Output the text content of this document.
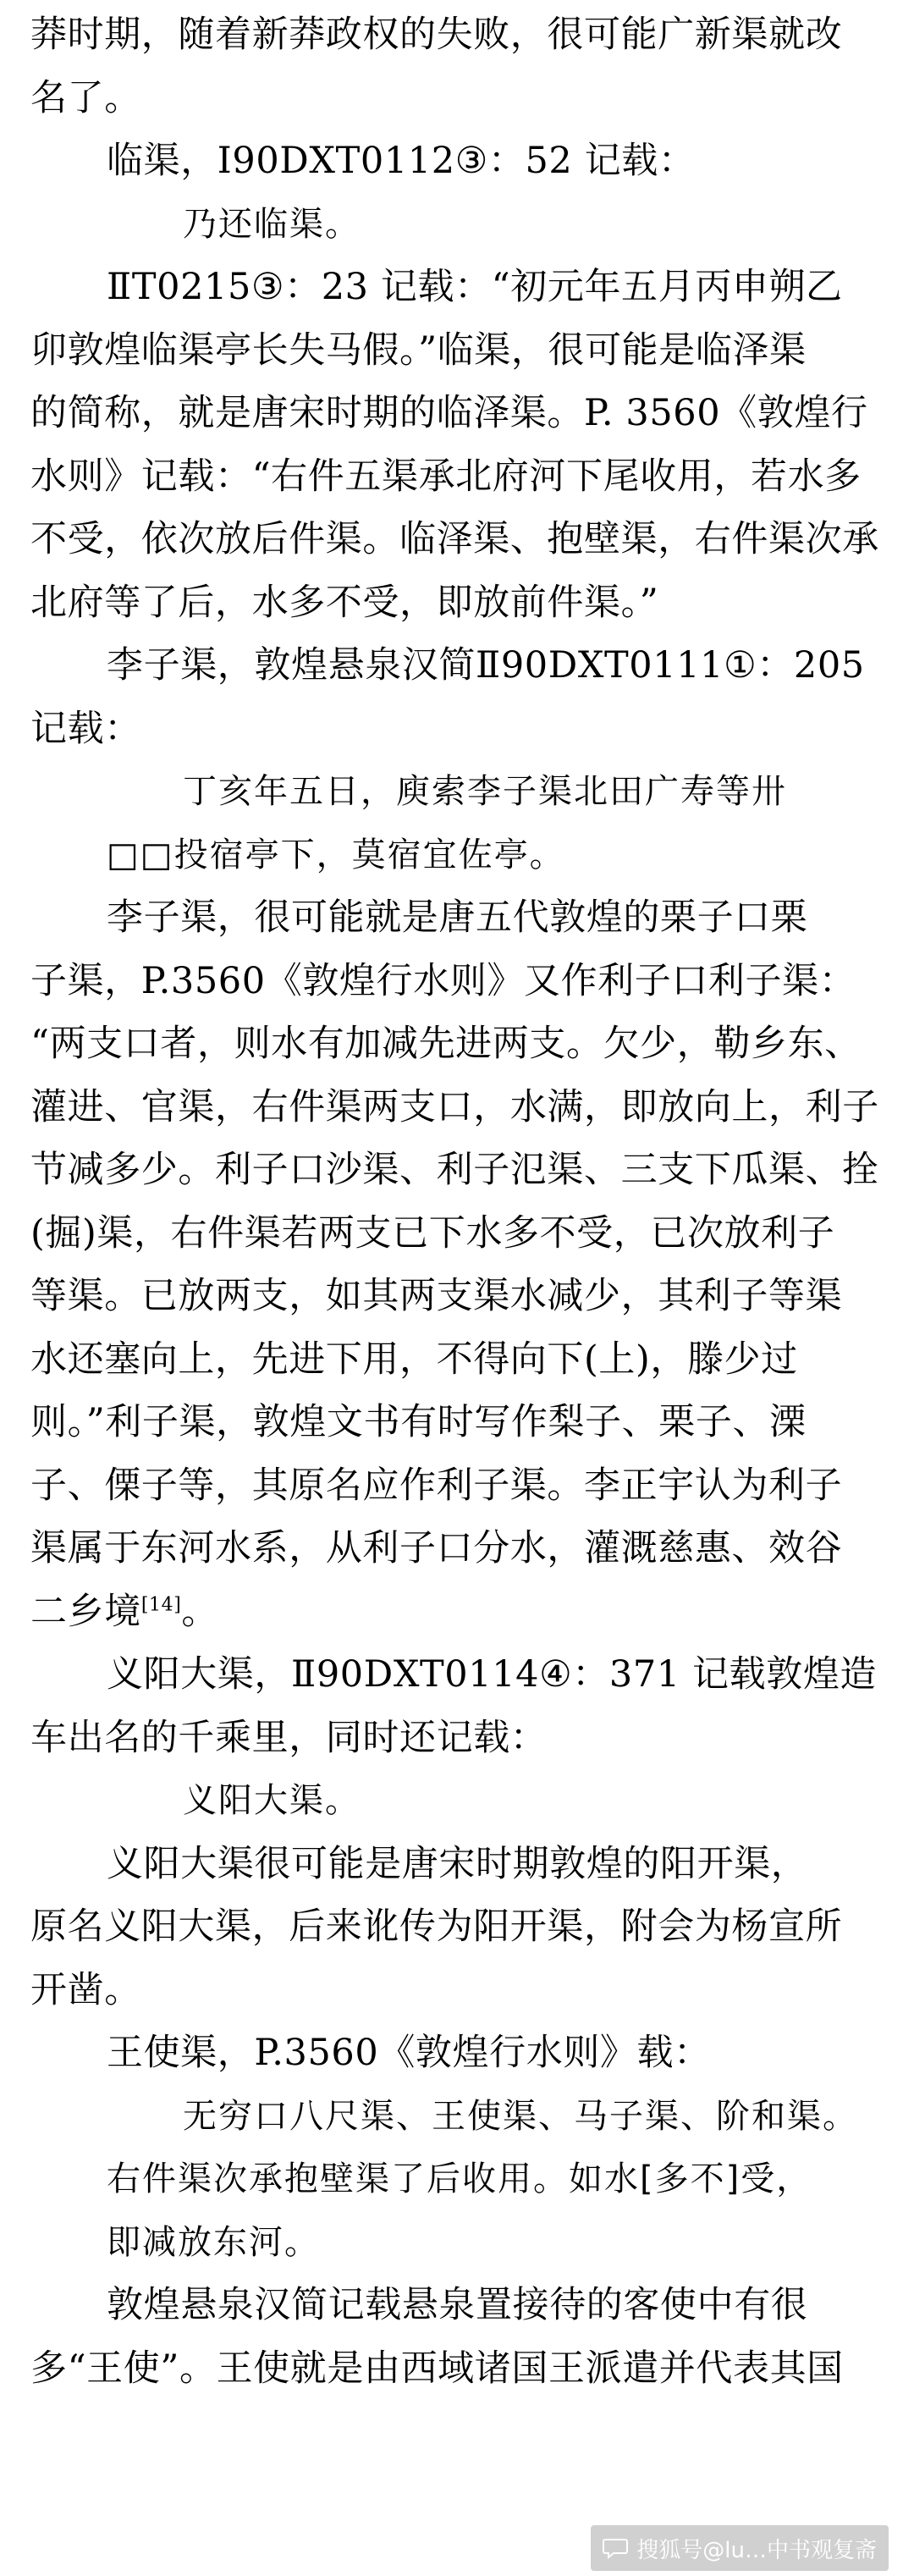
莽时期，随着新莽政权的失败，很可能广新渠就改
名了。
临渠，Ⅰ90DXT0112③：52 记载：
乃还临渠。
ⅡT0215③：23 记载：“初元年五月丙申朔乙
卯敦煌临渠亭长失马假。”临渠，很可能是临泽渠
的简称，就是唐宋时期的临泽渠。P. 3560《敦煌行
水则》记载：“右件五渠承北府河下尾收用，若水多
不受，依次放后件渠。临泽渠、抱壁渠，右件渠次承
北府等了后，水多不受，即放前件渠。”
李子渠，敦煌悬泉汉简Ⅱ90DXT0111①：205
记载：
丁亥年五日，庾索李子渠北田广寿等卅
□□投宿亭下，莫宿宜佐亭。
李子渠，很可能就是唐五代敦煌的栗子口栗
子渠，P.3560《敦煌行水则》又作利子口利子渠：
“两支口者，则水有加减先进两支。欠少，勒乡东、
灌进、官渠，右件渠两支口，水满，即放向上，利子
节减多少。利子口沙渠、利子氾渠、三支下瓜渠、拴
(掘)渠，右件渠若两支已下水多不受，已次放利子
等渠。已放两支，如其两支渠水减少，其利子等渠
水还塞向上，先进下用，不得向下(上)，滕少过
则。”利子渠，敦煌文书有时写作梨子、栗子、溧
子、傈子等，其原名应作利子渠。李正宇认为利子
渠属于东河水系，从利子口分水，灌溉慈惠、效谷
二乡境[14]。
义阳大渠，Ⅱ90DXT0114④：371 记载敦煌造
车出名的千乘里，同时还记载：
义阳大渠。
义阳大渠很可能是唐宋时期敦煌的阳开渠，
原名义阳大渠，后来讹传为阳开渠，附会为杨宣所
开凿。
王使渠，P.3560《敦煌行水则》载：
无穷口八尺渠、王使渠、马子渠、阶和渠。
右件渠次承抱壁渠了后收用。如水[多不]受，
即减放东河。
敦煌悬泉汉简记载悬泉置接待的客使中有很
多“王使”。王使就是由西域诸国王派遣并代表其国
搜狐号@lu…中书观复斋
